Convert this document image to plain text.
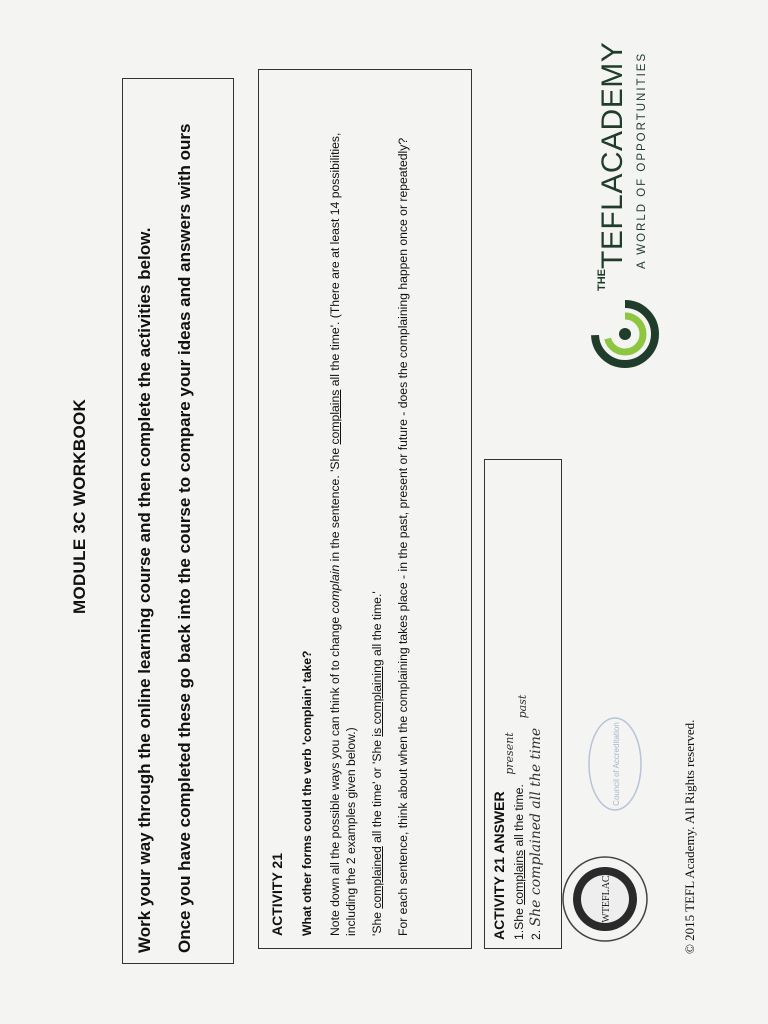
MODULE 3C WORKBOOK	Work your way through the online learning course and then complete the activities below. Once you have completed these go back into the course to compare your ideas and answers with ours	ACTIVITY 21 What other forms could the verb 'complain' take? Note down all the possible ways you can think of to change complain in the sentence. 'She complains all the time'. (There are at least 14 possibilities, including the 2 examples given below.) 'She complained all the time' or 'She is complaining all the time.' For each sentence, think about when the complaining takes place - in the past, present or future - does the complaining happen once or repeatedly?	ACTIVITY 21 ANSWER 1.She complains all the time. present
2. She complained all the time past
WTEFLAC
Council of Accreditation	© 2015 TEFL Academy. All Rights reserved.
$^{THE}$TEFLACADEMY A WORLD OF OPPORTUNITIES
